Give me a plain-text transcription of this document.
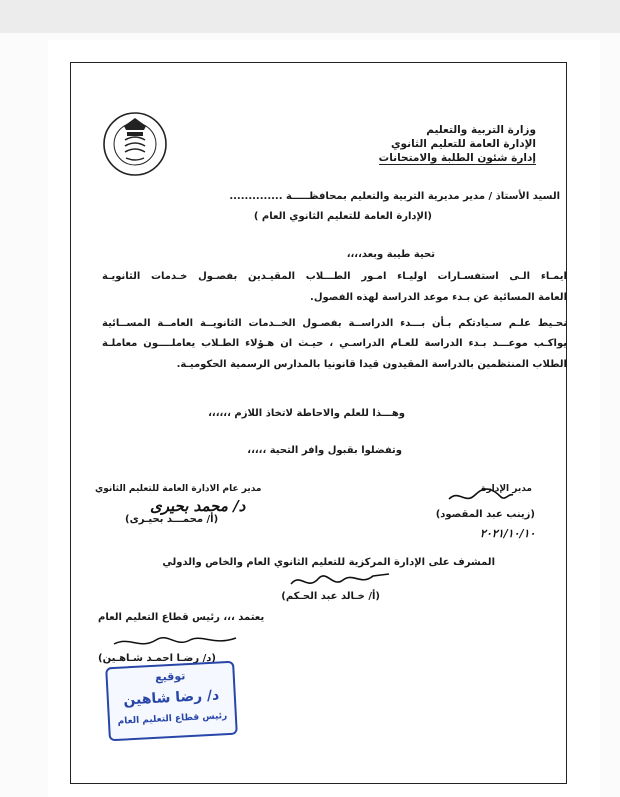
وزارة التربية والتعليم
الإدارة العامة للتعليم الثانوي
إدارة شئون الطلبة والامتحانات
السيد الأستاذ / مدير مديرية التربية والتعليم بمحافظـــــة ..............
(الإدارة العامة للتعليم الثانوي العام )
تحية طيبة وبعد،،،،
ايمـاء الـى استفسـارات اوليـاء امـور الطـــلاب المقيـدين بفصـول خـدمات الثانويـة
العامة المسائية عن بـدء موعد الدراسة لهذه الفصول.
نحـيط علـم سـيادتكم بـأن بـــدء الدراســة بفصـول الخــدمات الثانويــة العامــة المســائية
يواكـب موعـــد بـدء الدراسة للعـام الدراسـي ، حيـث ان هـؤلاء الطـلاب يعاملــــون معاملـة
الطلاب المنتظمين بالدراسة المقيدون قيدا قانونيا بالمدارس الرسمية الحكوميـة.
وهـــذا للعلم والاحاطة لاتخاذ اللازم ،،،،،،
وتفضلوا بقبول وافر التحية ،،،،،
مدير عام الادارة العامة للتعليم الثانوي
د/ محمد بحيرى
(أ/ محمـــد بحيـرى)
مدير الإدارة
(زينب عبد المقصود)
٢٠٢١/١٠/١٠
المشرف على الإدارة المركزية للتعليم الثانوي العام والخاص والدولي
(أ/ خـالد عبد الحـكم)
يعتمد ،،، رئيس قطاع التعليم العام
(د/ رضـا احمـد شـاهـين)
توقيع
د/ رضا شاهين
رئيس قطاع التعليم العام
